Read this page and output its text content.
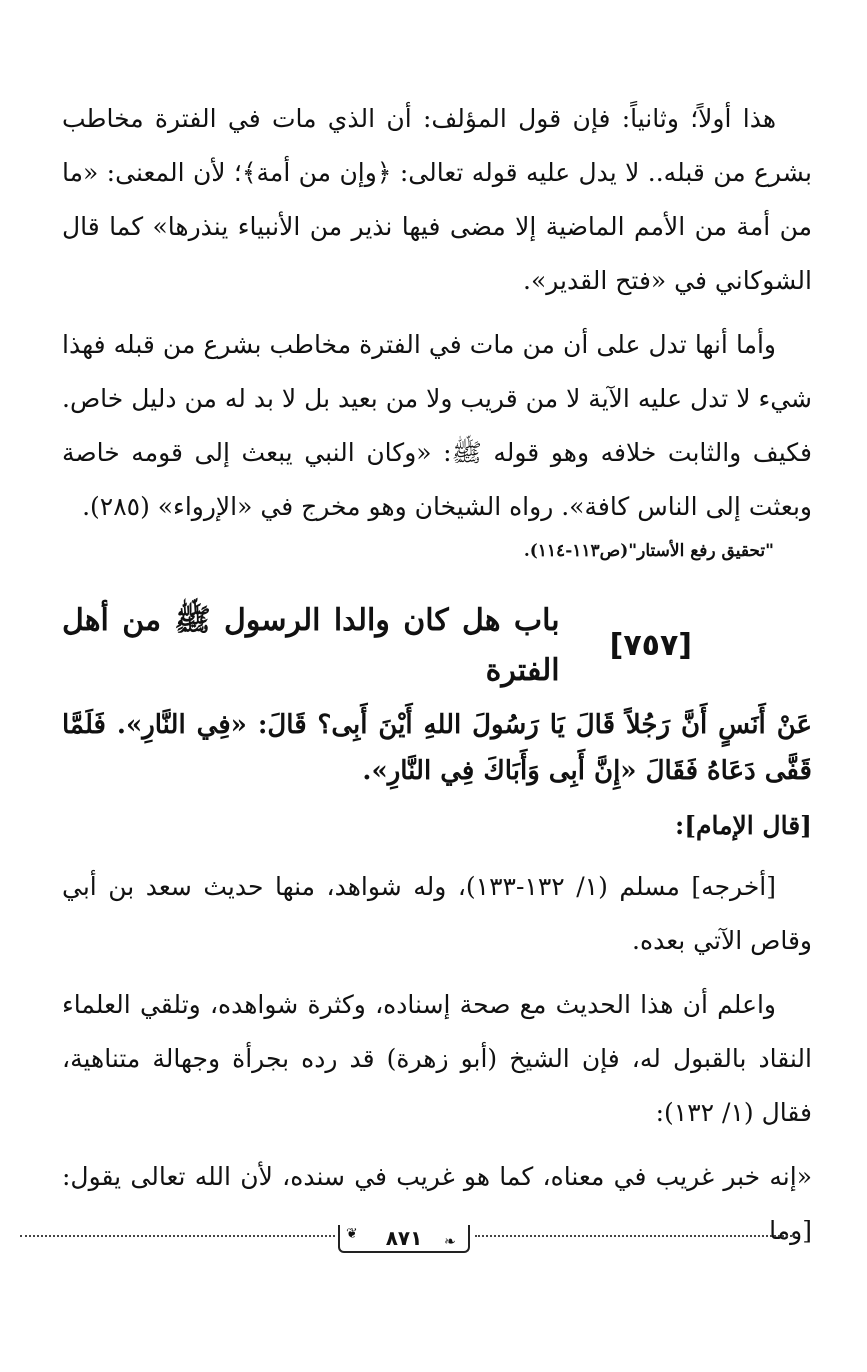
هذا أولاً؛ وثانياً: فإن قول المؤلف: أن الذي مات في الفترة مخاطب بشرع من قبله.. لا يدل عليه قوله تعالى: ﴿وإن من أمة﴾؛ لأن المعنى: «ما من أمة من الأمم الماضية إلا مضى فيها نذير من الأنبياء ينذرها» كما قال الشوكاني في «فتح القدير».

وأما أنها تدل على أن من مات في الفترة مخاطب بشرع من قبله فهذا شيء لا تدل عليه الآية لا من قريب ولا من بعيد بل لا بد له من دليل خاص. فكيف والثابت خلافه وهو قوله ﷺ: «وكان النبي يبعث إلى قومه خاصة وبعثت إلى الناس كافة». رواه الشيخان وهو مخرج في «الإرواء» (٢٨٥).

"تحقيق رفع الأستار"(ص١١٣-١١٤).
[٧٥٧]
باب هل كان والدا الرسول ﷺ من أهل الفترة

عَنْ أَنَسٍ أَنَّ رَجُلاً قَالَ يَا رَسُولَ اللهِ أَيْنَ أَبِى؟ قَالَ: «فِي النَّارِ». فَلَمَّا قَفَّى دَعَاهُ فَقَالَ «إِنَّ أَبِى وَأَبَاكَ فِي النَّارِ».

[قال الإمام]:

[أخرجه] مسلم (١/ ١٣٢-١٣٣)، وله شواهد، منها حديث سعد بن أبي وقاص الآتي بعده.

واعلم أن هذا الحديث مع صحة إسناده، وكثرة شواهده، وتلقي العلماء النقاد بالقبول له، فإن الشيخ (أبو زهرة) قد رده بجرأة وجهالة متناهية، فقال (١/ ١٣٢):

«إنه خبر غريب في معناه، كما هو غريب في سنده، لأن الله تعالى يقول: [وما

❦	٨٧١ ❧
